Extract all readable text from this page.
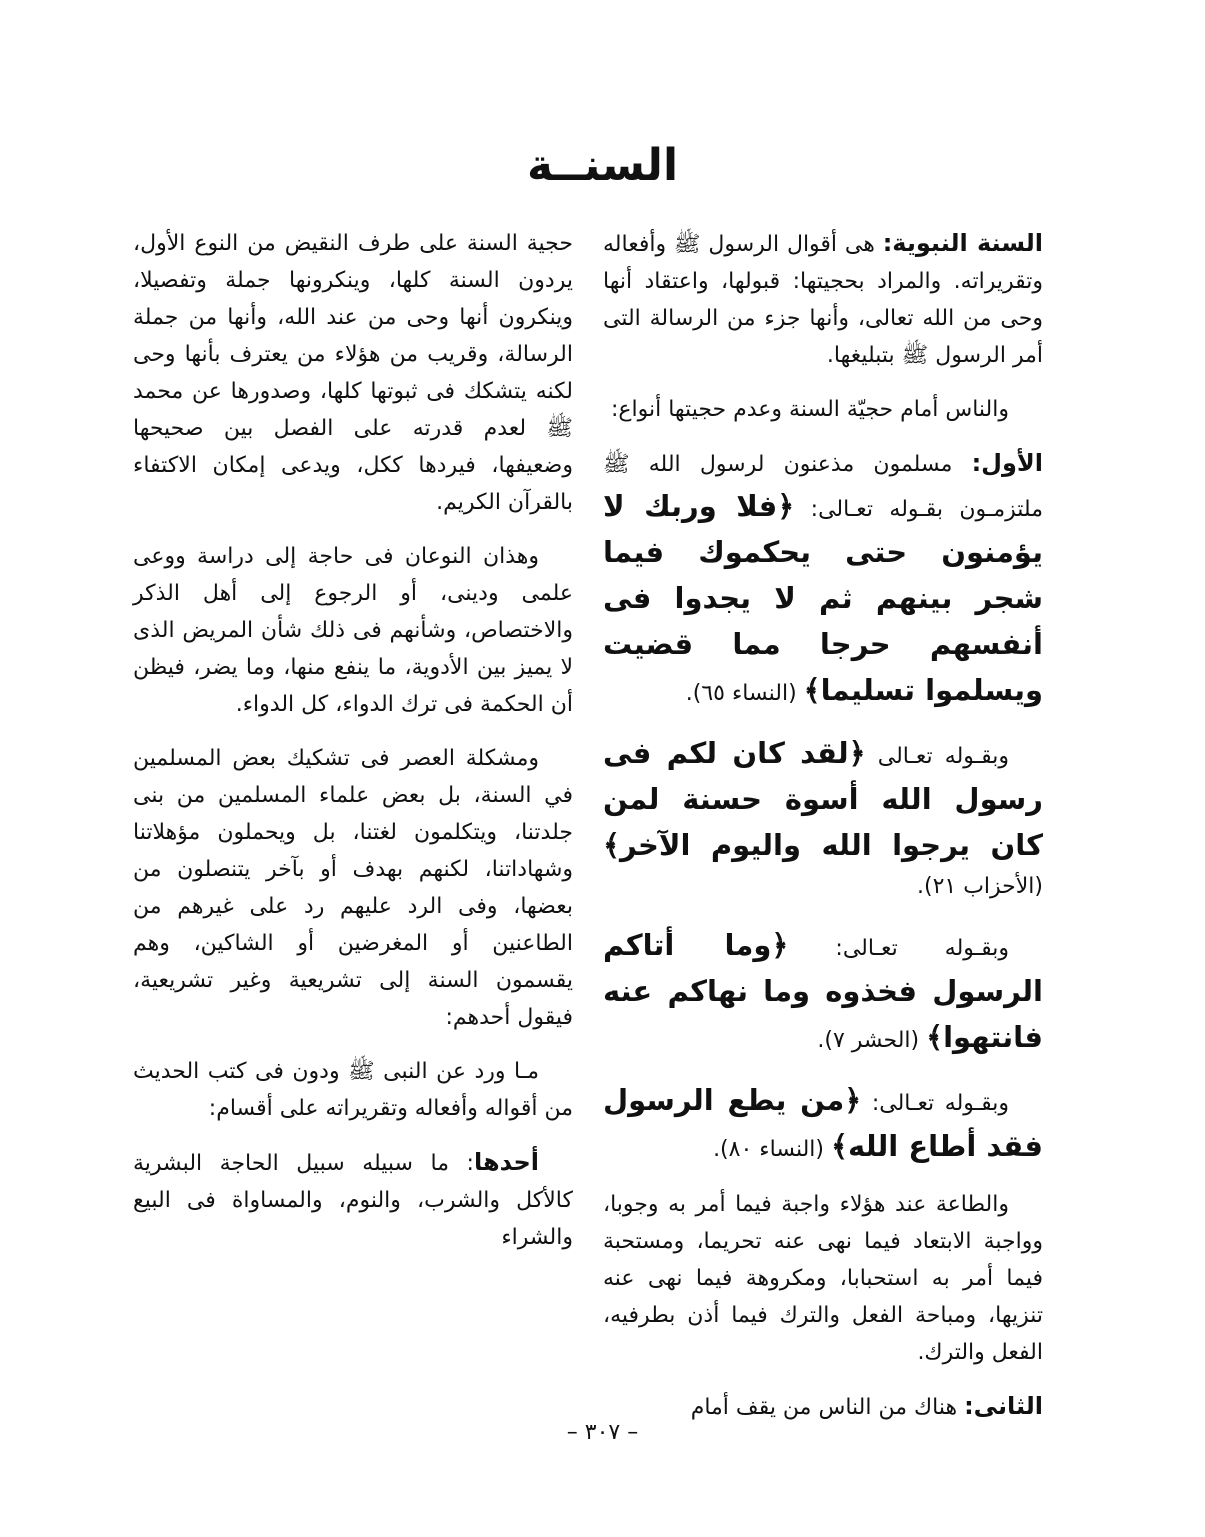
السنــة

السنة النبوية: هى أقوال الرسول ﷺ وأفعاله وتقريراته. والمراد بحجيتها: قبولها، واعتقاد أنها وحى من الله تعالى، وأنها جزء من الرسالة التى أمر الرسول ﷺ بتبليغها.

والناس أمام حجيّة السنة وعدم حجيتها أنواع:

الأول: مسلمون مذعنون لرسول الله ﷺ ملتزمـون بقـوله تعـالى: ﴿فلا وربك لا يؤمنون حتى يحكموك فيما شجر بينهم ثم لا يجدوا فى أنفسهم حرجا مما قضيت ويسلموا تسليما﴾ (النساء ٦٥).

وبقـوله تعـالى ﴿لقد كان لكم فى رسول الله أسوة حسنة لمن كان يرجوا الله واليوم الآخر﴾ (الأحزاب ٢١).

وبقـوله تعـالى: ﴿وما أتاكم الرسول فخذوه وما نهاكم عنه فانتهوا﴾ (الحشر ٧).

وبقـوله تعـالى: ﴿من يطع الرسول فقد أطاع الله﴾ (النساء ٨٠).

والطاعة عند هؤلاء واجبة فيما أمر به وجوبا، وواجبة الابتعاد فيما نهى عنه تحريما، ومستحبة فيما أمر به استحبابا، ومكروهة فيما نهى عنه تنزيها، ومباحة الفعل والترك فيما أذن بطرفيه، الفعل والترك.

الثانى: هناك من الناس من يقف أمام

حجية السنة على طرف النقيض من النوع الأول، يردون السنة كلها، وينكرونها جملة وتفصيلا، وينكرون أنها وحى من عند الله، وأنها من جملة الرسالة، وقريب من هؤلاء من يعترف بأنها وحى لكنه يتشكك فى ثبوتها كلها، وصدورها عن محمد ﷺ لعدم قدرته على الفصل بين صحيحها وضعيفها، فيردها ككل، ويدعى إمكان الاكتفاء بالقرآن الكريم.

وهذان النوعان فى حاجة إلى دراسة ووعى علمى ودينى، أو الرجوع إلى أهل الذكر والاختصاص، وشأنهم فى ذلك شأن المريض الذى لا يميز بين الأدوية، ما ينفع منها، وما يضر، فيظن أن الحكمة فى ترك الدواء، كل الدواء.

ومشكلة العصر فى تشكيك بعض المسلمين في السنة، بل بعض علماء المسلمين من بنى جلدتنا، ويتكلمون لغتنا، بل ويحملون مؤهلاتنا وشهاداتنا، لكنهم بهدف أو بآخر يتنصلون من بعضها، وفى الرد عليهم رد على غيرهم من الطاعنين أو المغرضين أو الشاكين، وهم يقسمون السنة إلى تشريعية وغير تشريعية، فيقول أحدهم:

مـا ورد عن النبى ﷺ ودون فى كتب الحديث من أقواله وأفعاله وتقريراته على أقسام:

أحدها: ما سبيله سبيل الحاجة البشرية كالأكل والشرب، والنوم، والمساواة فى البيع والشراء

– ٣٠٧ –
